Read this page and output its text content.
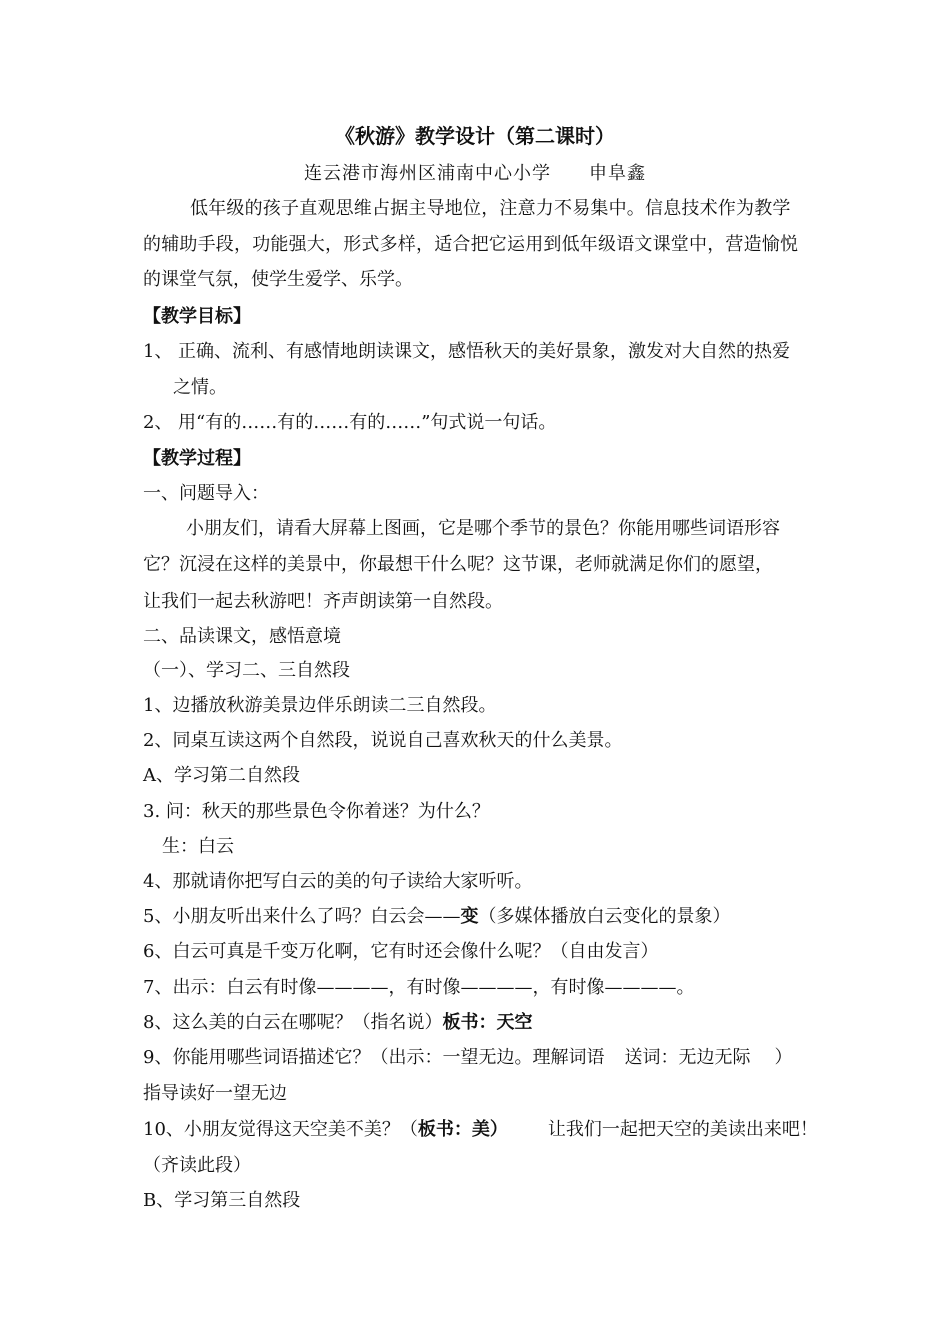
《秋游》教学设计（第二课时）
连云港市海州区浦南中心小学 申阜鑫
低年级的孩子直观思维占据主导地位，注意力不易集中。信息技术作为教学
的辅助手段，功能强大，形式多样，适合把它运用到低年级语文课堂中，营造愉悦
的课堂气氛，使学生爱学、乐学。
【教学目标】
1、 正确、流利、有感情地朗读课文，感悟秋天的美好景象，激发对大自然的热爱
之情。
2、 用“有的……有的……有的……”句式说一句话。
【教学过程】
一、问题导入：
小朋友们，请看大屏幕上图画，它是哪个季节的景色？你能用哪些词语形容
它？沉浸在这样的美景中，你最想干什么呢？这节课，老师就满足你们的愿望，
让我们一起去秋游吧！齐声朗读第一自然段。
二、品读课文，感悟意境
（一）、学习二、三自然段
1、边播放秋游美景边伴乐朗读二三自然段。
2、同桌互读这两个自然段，说说自己喜欢秋天的什么美景。
A、学习第二自然段
3. 问：秋天的那些景色令你着迷？为什么？
生：白云
4、那就请你把写白云的美的句子读给大家听听。
5、小朋友听出来什么了吗？白云会——变（多媒体播放白云变化的景象）
6、白云可真是千变万化啊，它有时还会像什么呢？（自由发言）
7、出示：白云有时像————，有时像————，有时像————。
8、这么美的白云在哪呢？（指名说）板书：天空
9、你能用哪些词语描述它？（出示：一望无边。理解词语 送词：无边无际 ）
指导读好一望无边
10、小朋友觉得这天空美不美？（板书：美） 让我们一起把天空的美读出来吧！
（齐读此段）
B、学习第三自然段
